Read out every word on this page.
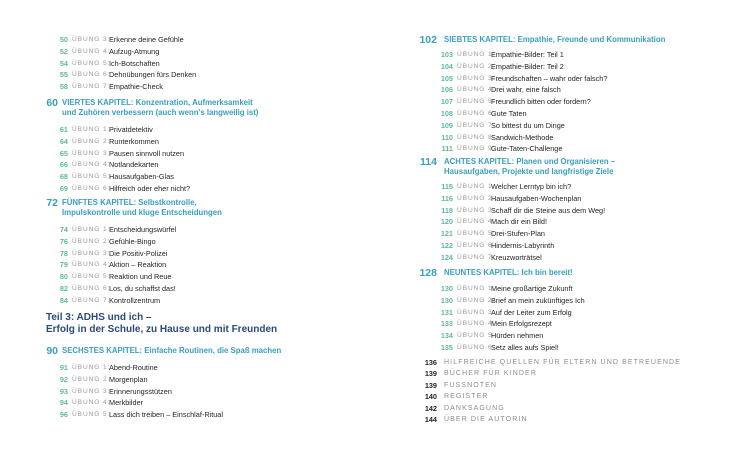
50 ÜBUNG 3:
Erkenne deine Gefühle
52 ÜBUNG 4:
Aufzug-Atmung
54 ÜBUNG 5:
Ich-Botschaften
55 ÜBUNG 6:
Dehnübungen fürs Denken
58 ÜBUNG 7:
Empathie-Check
60 VIERTES KAPITEL: Konzentration, Aufmerksamkeit
und Zuhören verbessern (auch wenn’s langweilig ist)
61 ÜBUNG 1:
Privatdetektiv
64 ÜBUNG 2:
Runterkommen
65 ÜBUNG 3:
Pausen sinnvoll nutzen
66 ÜBUNG 4:
Notlandekarten
68 ÜBUNG 5:
Hausaufgaben-Glas
69 ÜBUNG 6:
Hilfreich oder eher nicht?
72 FÜNFTES KAPITEL: Selbstkontrolle,
Impulskontrolle und kluge Entscheidungen
74 ÜBUNG 1:
Entscheidungswürfel
76 ÜBUNG 2:
Gefühle-Bingo
78 ÜBUNG 3:
Die Positiv-Polizei
79 ÜBUNG 4:
Aktion – Reaktion
80 ÜBUNG 5:
Reaktion und Reue
82 ÜBUNG 6:
Los, du schaffst das!
84 ÜBUNG 7:
Kontrollzentrum
Teil 3: ADHS und ich –
Erfolg in der Schule, zu Hause und mit Freunden
90 SECHSTES KAPITEL: Einfache Routinen, die Spaß machen
91 ÜBUNG 1:
Abend-Routine
92 ÜBUNG 2:
Morgenplan
93 ÜBUNG 3:
Erinnerungsstützen
94 ÜBUNG 4:
Merkbilder
96 ÜBUNG 5:
Lass dich treiben – Einschlaf-Ritual
102 SIEBTES KAPITEL: Empathie, Freunde und Kommunikation
103 ÜBUNG 1:
Empathie-Bilder: Teil 1
104 ÜBUNG 2:
Empathie-Bilder: Teil 2
105 ÜBUNG 3:
Freundschaften – wahr oder falsch?
106 ÜBUNG 4:
Drei wahr, eine falsch
107 ÜBUNG 5:
Freundlich bitten oder fordern?
108 ÜBUNG 6:
Gute Taten
109 ÜBUNG 7:
So bittest du um Dinge
110 ÜBUNG 8:
Sandwich-Methode
111 ÜBUNG 9:
Gute-Taten-Challenge
114 ACHTES KAPITEL: Planen und Organisieren –
Hausaufgaben, Projekte und langfristige Ziele
115 ÜBUNG 1:
Welcher Lerntyp bin ich?
116 ÜBUNG 2:
Hausaufgaben-Wochenplan
118 ÜBUNG 3:
Schaff dir die Steine aus dem Weg!
120 ÜBUNG 4:
Mach dir ein Bild!
121 ÜBUNG 5:
Drei-Stufen-Plan
122 ÜBUNG 6:
Hindernis-Labyrinth
124 ÜBUNG 7:
Kreuzworträtsel
128 NEUNTES KAPITEL: Ich bin bereit!
130 ÜBUNG 1:
Meine großartige Zukunft
130 ÜBUNG 2:
Brief an mein zukünftiges Ich
131 ÜBUNG 3:
Auf der Leiter zum Erfolg
133 ÜBUNG 4:
Mein Erfolgsrezept
134 ÜBUNG 5:
Hürden nehmen
135 ÜBUNG 6:
Setz alles aufs Spiel!
136 HILFREICHE QUELLEN FÜR ELTERN UND BETREUENDE
139 BÜCHER FÜR KINDER
139 FUSSNOTEN
140 REGISTER
142 DANKSAGUNG
144 ÜBER DIE AUTORIN
